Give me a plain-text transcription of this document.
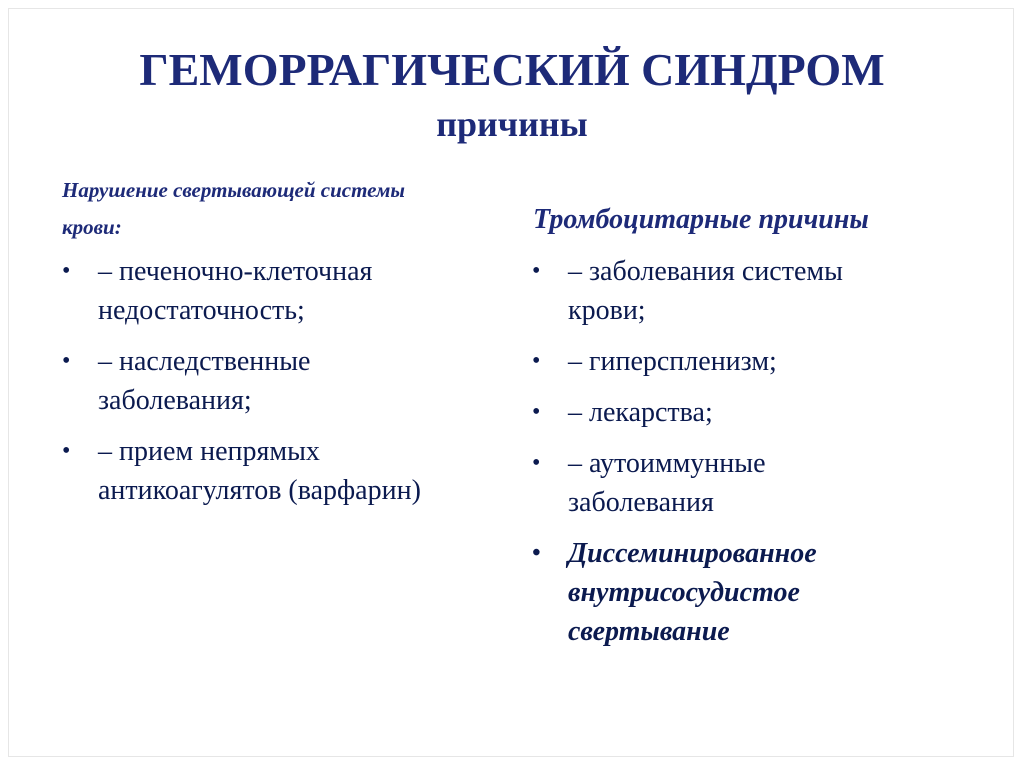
ГЕМОРРАГИЧЕСКИЙ СИНДРОМ
причины
Нарушение свертывающей системы
крови:	Тромбоцитарные причины
• – печеночно-клеточная
недостаточность;
• – наследственные
заболевания;
• – прием непрямых
антикоагулятов (варфарин)
• – заболевания системы
крови;
• – гиперспленизм;
• – лекарства;
• – аутоиммунные
заболевания
• Диссеминированное
внутрисосудистое
свертывание
